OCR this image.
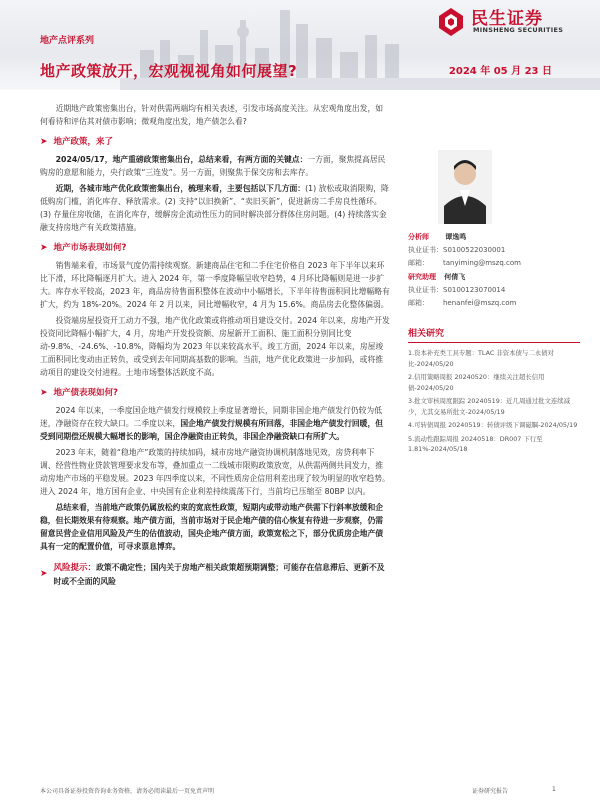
地产点评系列
地产政策放开，宏观视视角如何展望?	2024 年 05 月 23 日
民生证券
MINSHENG SECURITIES

近期地产政策密集出台，针对供需两端均有相关表述，引发市场高度关注。从宏观角度出发，如何看待和评估其对债市影响；微观角度出发，地产债怎么看?

➤ 地产政策，来了

2024/05/17，地产重磅政策密集出台，总结来看，有两方面的关键点：一方面，聚焦提高居民购房的意愿和能力，央行政策“三连发”。另一方面，则聚焦于保交房和去库存。

近期，各城市地产优化政策密集出台，梳理来看，主要包括以下几方面：(1) 放松或取消限购，降低购房门槛，消化库存、释放需求。(2) 支持“以旧换新”、“卖旧买新”，促进新房二手房良性循环。(3) 存量住房收储，在消化库存，缓解房企流动性压力的同时解决部分群体住房问题。(4) 持续落实金融支持房地产有关政策措施。

➤ 地产市场表现如何?

销售端来看，市场景气度仍需持续观察。新建商品住宅和二手住宅价格自 2023 年下半年以来环比下滑，环比降幅逐月扩大。进入 2024 年，第一季度降幅呈收窄趋势，4 月环比降幅则是进一步扩大。库存水平较高，2023 年，商品房待售面积整体在波动中小幅增长，下半年待售面积同比增幅略有扩大，约为 18%-20%。2024 年 2 月以来，同比增幅收窄，4 月为 15.6%。商品房去化整体偏弱。

投资端房屋投资开工动力不强，地产优化政策或将推动项目建设交付。2024 年以来，房地产开发投资同比降幅小幅扩大，4 月，房地产开发投资额、房屋新开工面积、施工面积分别同比变动-9.8%、-24.6%、-10.8%，降幅均为 2023 年以来较高水平。竣工方面，2024 年以来，房屋竣工面积同比变动由正转负，或受到去年同期高基数的影响。当前，地产优化政策进一步加码，或将推动项目的建设交付进程。土地市场整体活跃度不高。

➤ 地产债表现如何?

2024 年以来，一季度国企地产债发行规模较上季度显著增长，同期非国企地产债发行仍较为低迷，净融资存在较大缺口。二季度以来，国企地产债发行规模有所回落，非国企地产债发行回暖，但受到同期偿还规模大幅增长的影响，国企净融资由正转负，非国企净融资缺口有所扩大。

2023 年末，随着“稳地产”政策的持续加码，城市房地产融资协调机制落地见效，房贷利率下调、经营性物业贷款管理要求发布等，叠加重点一二线城市限购政策放宽，从供需两侧共同发力，推动房地产市场的平稳发展。2023 年四季度以来，不同性质房企信用利差出现了较为明显的收窄趋势。进入 2024 年，地方国有企业、中央国有企业利差持续震荡下行，当前均已压缩至 80BP 以内。

总结来看，当前地产政策仍属放松约束的宽底性政策，短期内或带动地产供需下行斜率放缓和企稳，但长期效果有待观察。地产债方面，当前市场对于民企地产债的信心恢复有待进一步观察，仍需留意民营企业信用风险及产生的估值波动，国央企地产债方面，政策宽松之下，部分优质房企地产债具有一定的配置价值，可寻求票息博弈。

➤
风险提示：政策不确定性；国内关于房地产相关政策超预期调整；可能存在信息滞后、更新不及时或不全面的风险
分析师 谭逸鸣
执业证书：S0100522030001
邮箱： tanyiming@mszq.com
研究助理 何倩飞
执业证书：S0100123070014
邮箱： henanfei@mszq.com
相关研究
1.资本补充类工具专题：TLAC 非资本债与二永债对比-2024/05/20
2.信用策略周报 20240520：继续关注超长信用债-2024/05/20
3.批文审核周度跟踪 20240519：近几周通过批文连续减少，尤其交易所批文-2024/05/19
4.可转债周报 20240519：转债评级下调磁瞩-2024/05/19
5.流动性跟踪周报 20240518：DR007 下行至 1.81%-2024/05/18
本公司具备证券投资咨询业务资格，请务必阅读最后一页免责声明	证券研究报告	1
